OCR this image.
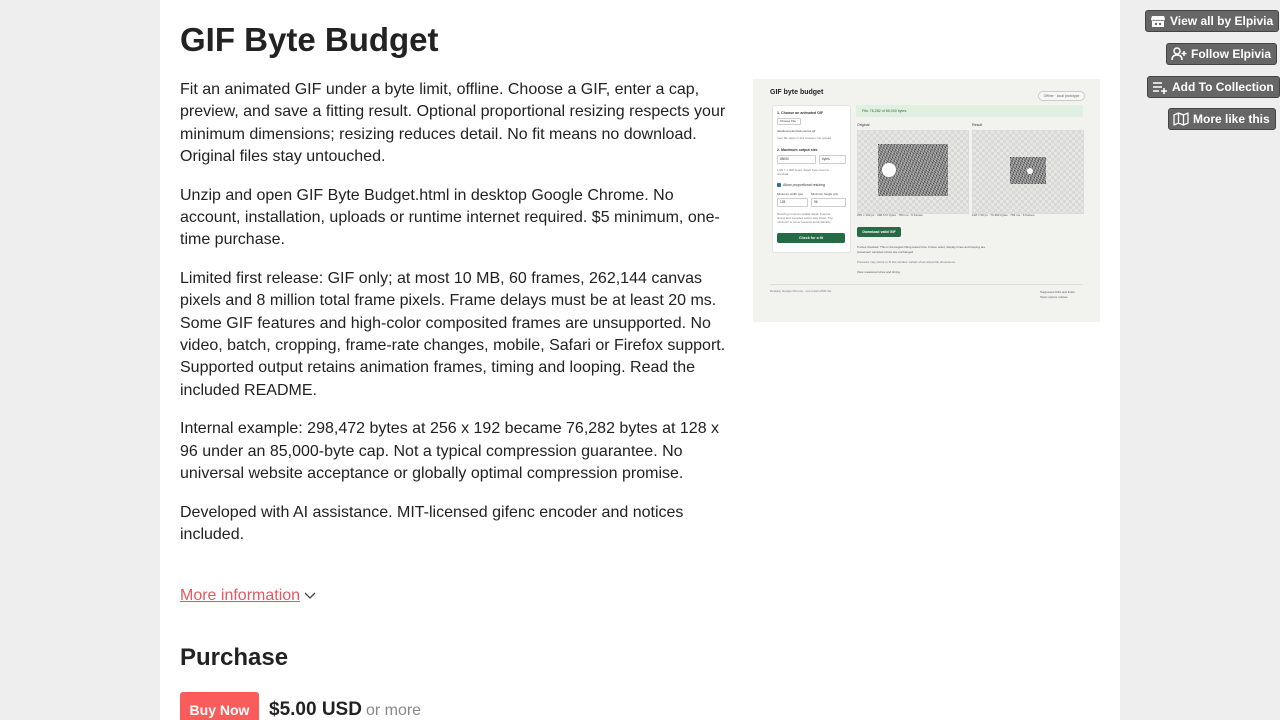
GIF Byte Budget

Fit an animated GIF under a byte limit, offline. Choose a GIF, enter a cap, preview, and save a fitting result. Optional proportional resizing respects your minimum dimensions; resizing reduces detail. No fit means no download. Original files stay untouched.

Unzip and open GIF Byte Budget.html in desktop Google Chrome. No account, installation, uploads or runtime internet required. $5 minimum, one-time purchase.

Limited first release: GIF only; at most 10 MB, 60 frames, 262,144 canvas pixels and 8 million total frame pixels. Frame delays must be at least 20 ms. Some GIF features and high-color composited frames are unsupported. No video, batch, cropping, frame-rate changes, mobile, Safari or Firefox support. Supported output retains animation frames, timing and looping. Read the included README.

Internal example: 298,472 bytes at 256 x 192 became 76,282 bytes at 128 x 96 under an 85,000-byte cap. Not a typical compression guarantee. No universal website acceptance or globally optimal compression promise.

Developed with AI assistance. MIT-licensed gifenc encoder and notices included.

More information
Purchase
Buy Now	$5.00 USD or more
GIF byte budget	Offline · local prototype
1. Choose an animated GIF
Choose File
detailed-optimized-source.gif
Your file stays in this browser. No upload.
2. Maximum output size
85000	bytes
1 kB = 1,000 bytes. Exact byte count is
checked.
Allow proportional resizing
Minimum width (px)	Minimum height (px)
128	96
Resizing removes spatial detail. Frames,
timing and sampled colors stay intact. The
minimum is never lowered automatically.
Check for a fit
Fits: 76,282 of 85,000 bytes.
Original	Result
256 × 192 px · 298,472 bytes · 782 ms · 6 frames	128 × 96 px · 76,282 bytes · 782 ms · 6 frames
Download valid GIF
5 sizes checked. This is the largest fitting tested size. Frame order, display times and looping are
preserved; sampled colors are unchanged.
Previews may shrink to fit this window. Labels show actual file dimensions.
View measured sizes and timing
Desktop Google Chrome · one local HTML file	Supported GIFs and limits
Open-source notices
View all by Elpivia
Follow Elpivia
Add To Collection
More like this
